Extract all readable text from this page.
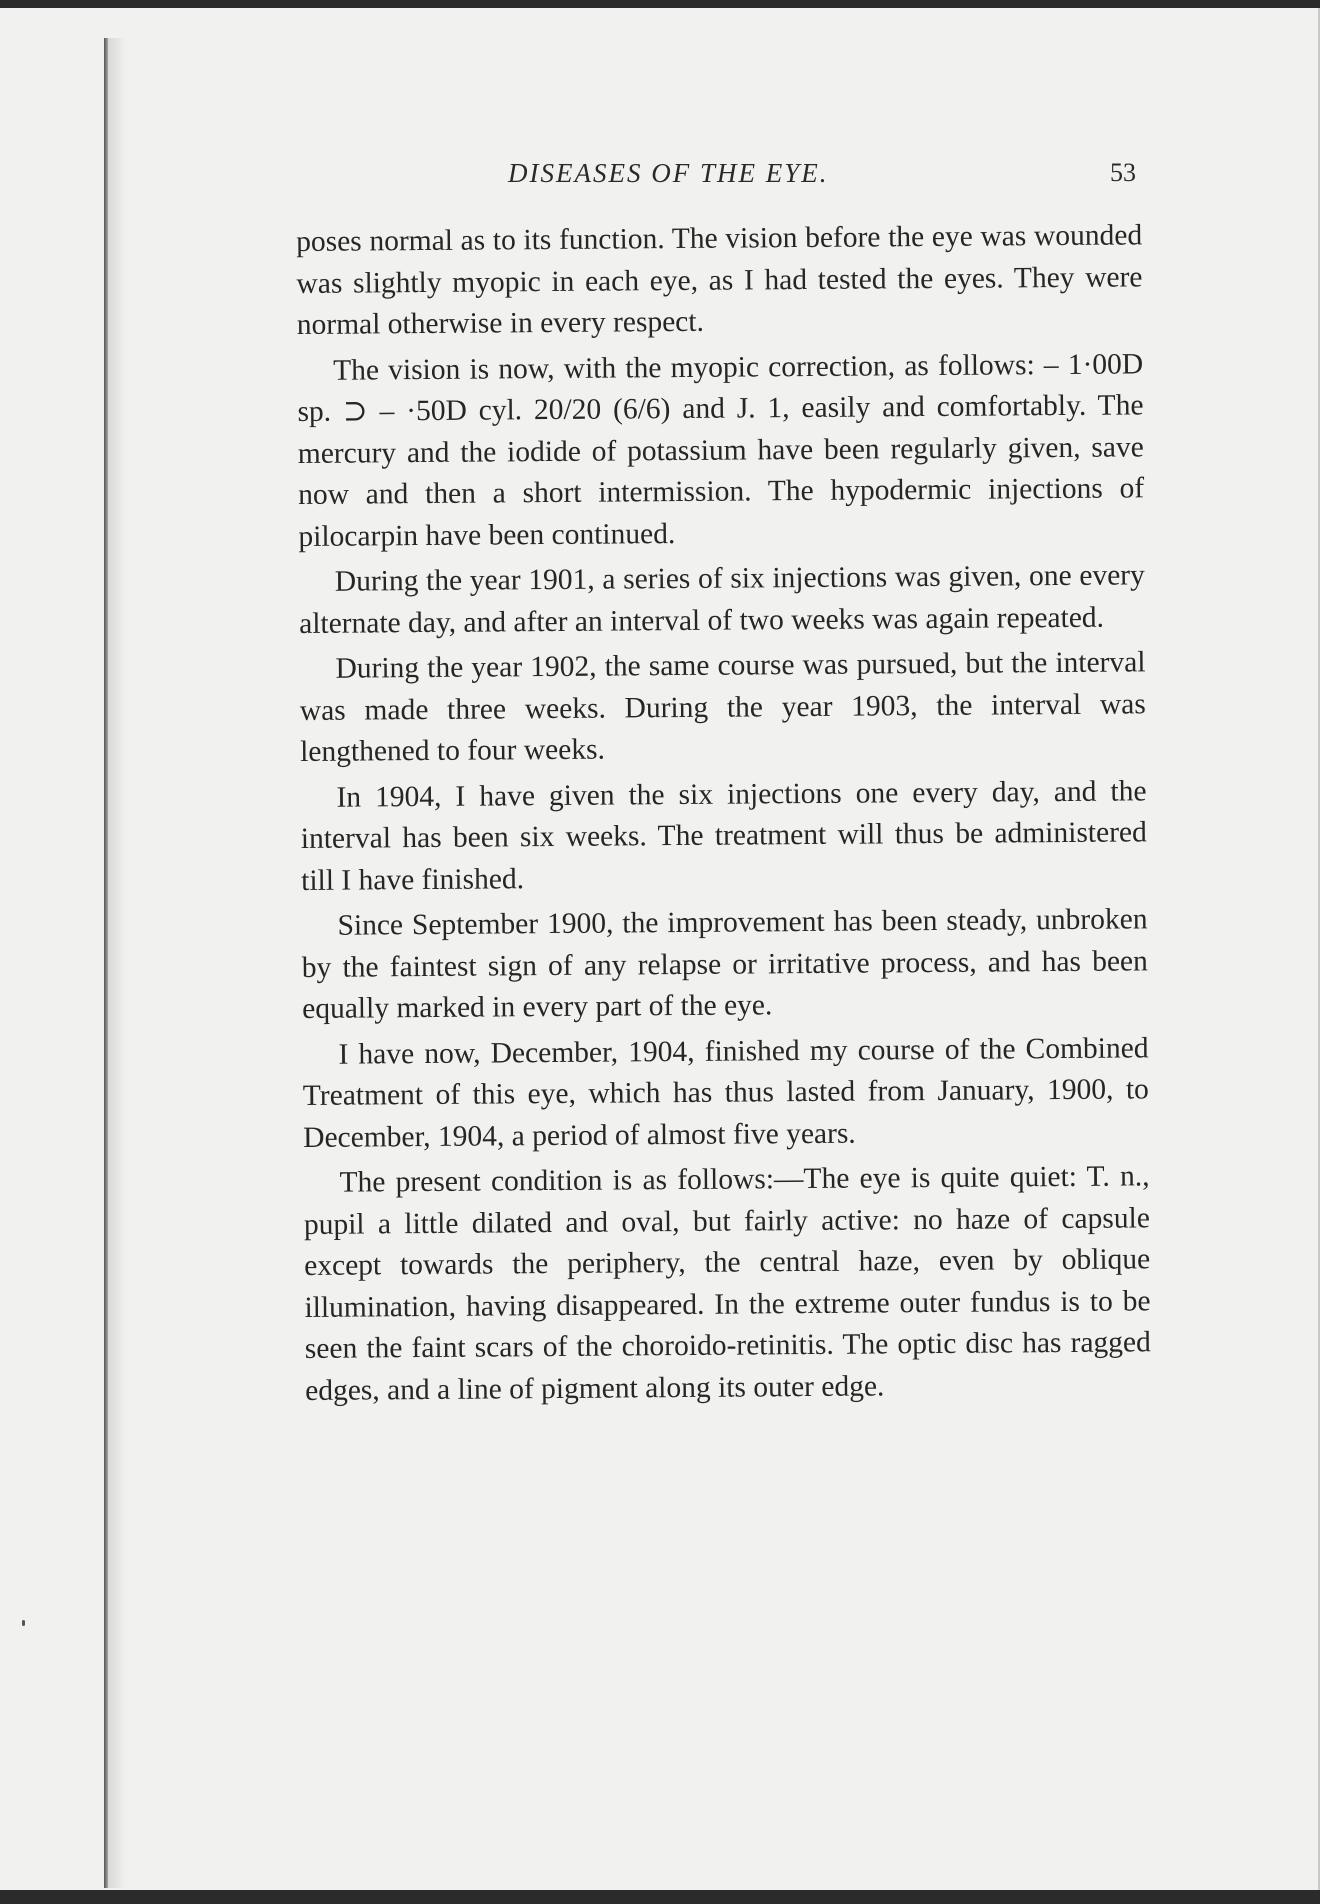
DISEASES OF THE EYE.	53

poses normal as to its function. The vision before the eye was wounded was slightly myopic in each eye, as I had tested the eyes. They were normal otherwise in every respect.

The vision is now, with the myopic correction, as follows: – 1·00D sp. ⊃ – ·50D cyl. 20/20 (6/6) and J. 1, easily and comfortably. The mercury and the iodide of potassium have been regularly given, save now and then a short intermission. The hypodermic injections of pilocarpin have been continued.

During the year 1901, a series of six injections was given, one every alternate day, and after an interval of two weeks was again repeated.

During the year 1902, the same course was pursued, but the interval was made three weeks. During the year 1903, the interval was lengthened to four weeks.

In 1904, I have given the six injections one every day, and the interval has been six weeks. The treatment will thus be administered till I have finished.

Since September 1900, the improvement has been steady, unbroken by the faintest sign of any relapse or irritative process, and has been equally marked in every part of the eye.

I have now, December, 1904, finished my course of the Combined Treatment of this eye, which has thus lasted from January, 1900, to December, 1904, a period of almost five years.

The present condition is as follows:—The eye is quite quiet: T. n., pupil a little dilated and oval, but fairly active: no haze of capsule except towards the periphery, the central haze, even by oblique illumination, having disappeared. In the extreme outer fundus is to be seen the faint scars of the choroido-retinitis. The optic disc has ragged edges, and a line of pigment along its outer edge.
